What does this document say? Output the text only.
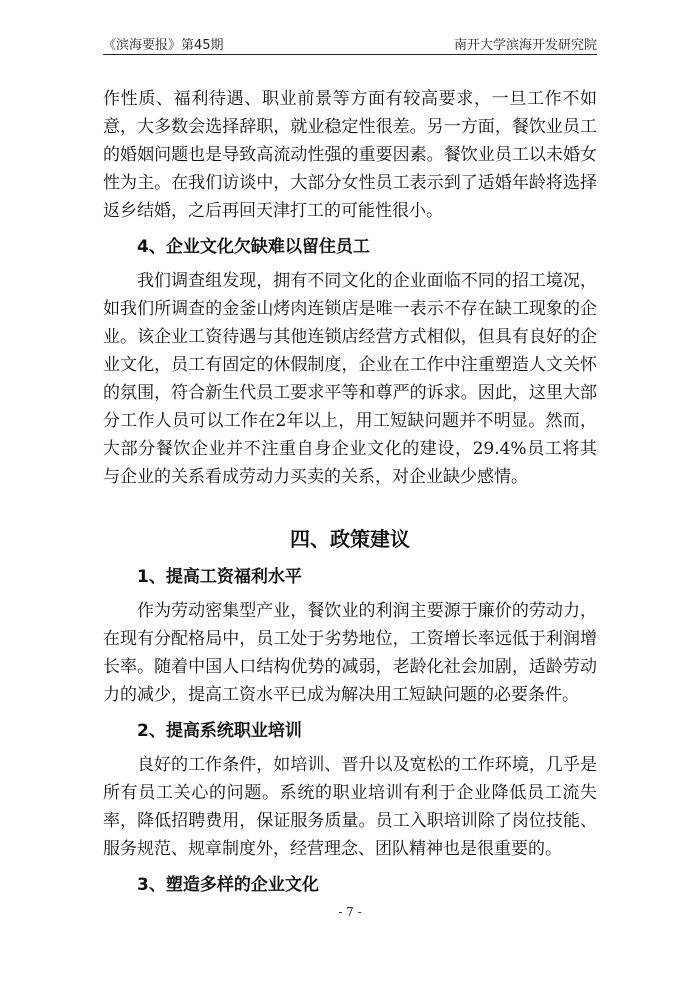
《滨海要报》第45期	南开大学滨海开发研究院

作性质、福利待遇、职业前景等方面有较高要求，一旦工作不如意，大多数会选择辞职，就业稳定性很差。另一方面，餐饮业员工的婚姻问题也是导致高流动性强的重要因素。餐饮业员工以未婚女性为主。在我们访谈中，大部分女性员工表示到了适婚年龄将选择返乡结婚，之后再回天津打工的可能性很小。

4、企业文化欠缺难以留住员工

我们调查组发现，拥有不同文化的企业面临不同的招工境况，如我们所调查的金釜山烤肉连锁店是唯一表示不存在缺工现象的企业。该企业工资待遇与其他连锁店经营方式相似，但具有良好的企业文化，员工有固定的休假制度，企业在工作中注重塑造人文关怀的氛围，符合新生代员工要求平等和尊严的诉求。因此，这里大部分工作人员可以工作在2年以上，用工短缺问题并不明显。然而，大部分餐饮企业并不注重自身企业文化的建设，29.4%员工将其与企业的关系看成劳动力买卖的关系，对企业缺少感情。

四、政策建议
1、提高工资福利水平

作为劳动密集型产业，餐饮业的利润主要源于廉价的劳动力，在现有分配格局中，员工处于劣势地位，工资增长率远低于利润增长率。随着中国人口结构优势的减弱，老龄化社会加剧，适龄劳动力的减少，提高工资水平已成为解决用工短缺问题的必要条件。

2、提高系统职业培训

良好的工作条件，如培训、晋升以及宽松的工作环境，几乎是所有员工关心的问题。系统的职业培训有利于企业降低员工流失率，降低招聘费用，保证服务质量。员工入职培训除了岗位技能、服务规范、规章制度外，经营理念、团队精神也是很重要的。

3、塑造多样的企业文化
- 7 -
